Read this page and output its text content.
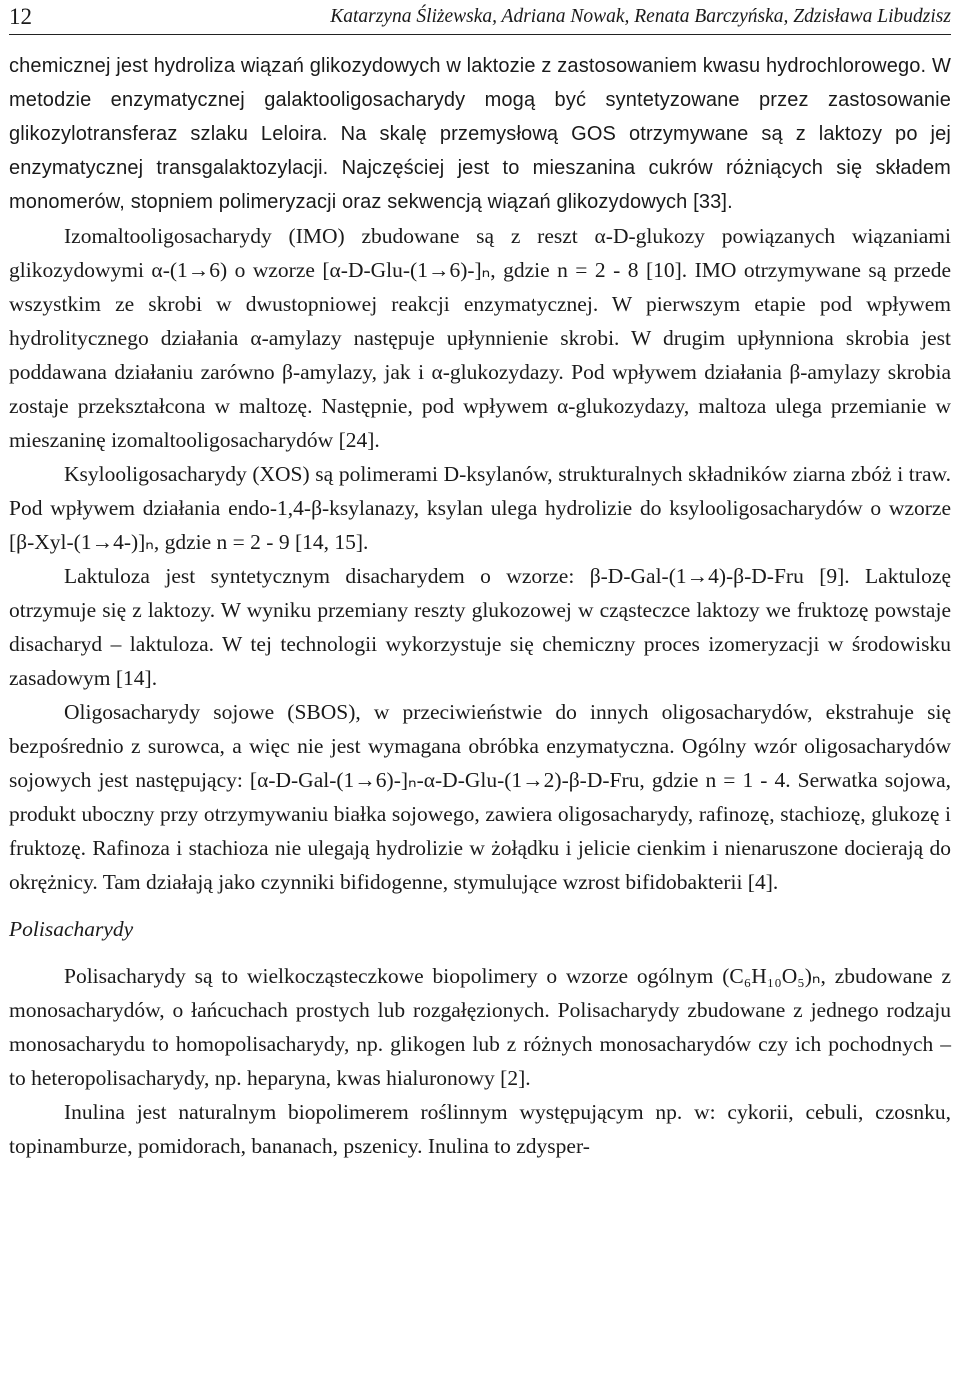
12	Katarzyna Śliżewska, Adriana Nowak, Renata Barczyńska, Zdzisława Libudzisz

chemicznej jest hydroliza wiązań glikozydowych w laktozie z zastosowaniem kwasu hydrochlorowego. W metodzie enzymatycznej galaktooligosacharydy mogą być syntetyzowane przez zastosowanie glikozylotransferaz szlaku Leloira. Na skalę przemysłową GOS otrzymywane są z laktozy po jej enzymatycznej transgalaktozylacji. Najczęściej jest to mieszanina cukrów różniących się składem monomerów, stopniem polimeryzacji oraz sekwencją wiązań glikozydowych [33].

Izomaltooligosacharydy (IMO) zbudowane są z reszt α-D-glukozy powiązanych wiązaniami glikozydowymi α-(1→6) o wzorze [α-D-Glu-(1→6)-]ₙ, gdzie n = 2 - 8 [10]. IMO otrzymywane są przede wszystkim ze skrobi w dwustopniowej reakcji enzymatycznej. W pierwszym etapie pod wpływem hydrolitycznego działania α-amylazy następuje upłynnienie skrobi. W drugim upłynniona skrobia jest poddawana działaniu zarówno β-amylazy, jak i α-glukozydazy. Pod wpływem działania β-amylazy skrobia zostaje przekształcona w maltozę. Następnie, pod wpływem α-glukozydazy, maltoza ulega przemianie w mieszaninę izomaltooligosacharydów [24].

Ksylooligosacharydy (XOS) są polimerami D-ksylanów, strukturalnych składników ziarna zbóż i traw. Pod wpływem działania endo-1,4-β-ksylanazy, ksylan ulega hydrolizie do ksylooligosacharydów o wzorze [β-Xyl-(1→4-)]ₙ, gdzie n = 2 - 9 [14, 15].

Laktuloza jest syntetycznym disacharydem o wzorze: β-D-Gal-(1→4)-β-D-Fru [9]. Laktulozę otrzymuje się z laktozy. W wyniku przemiany reszty glukozowej w cząsteczce laktozy we fruktozę powstaje disacharyd – laktuloza. W tej technologii wykorzystuje się chemiczny proces izomeryzacji w środowisku zasadowym [14].

Oligosacharydy sojowe (SBOS), w przeciwieństwie do innych oligosacharydów, ekstrahuje się bezpośrednio z surowca, a więc nie jest wymagana obróbka enzymatyczna. Ogólny wzór oligosacharydów sojowych jest następujący: [α-D-Gal-(1→6)-]ₙ-α-D-Glu-(1→2)-β-D-Fru, gdzie n = 1 - 4. Serwatka sojowa, produkt uboczny przy otrzymywaniu białka sojowego, zawiera oligosacharydy, rafinozę, stachiozę, glukozę i fruktozę. Rafinoza i stachioza nie ulegają hydrolizie w żołądku i jelicie cienkim i nienaruszone docierają do okrężnicy. Tam działają jako czynniki bifidogenne, stymulujące wzrost bifidobakterii [4].

Polisacharydy

Polisacharydy są to wielkocząsteczkowe biopolimery o wzorze ogólnym (C₆H₁₀O₅)ₙ, zbudowane z monosacharydów, o łańcuchach prostych lub rozgałęzionych. Polisacharydy zbudowane z jednego rodzaju monosacharydu to homopolisacharydy, np. glikogen lub z różnych monosacharydów czy ich pochodnych – to heteropolisacharydy, np. heparyna, kwas hialuronowy [2].

Inulina jest naturalnym biopolimerem roślinnym występującym np. w: cykorii, cebuli, czosnku, topinamburze, pomidorach, bananach, pszenicy. Inulina to zdysper-
